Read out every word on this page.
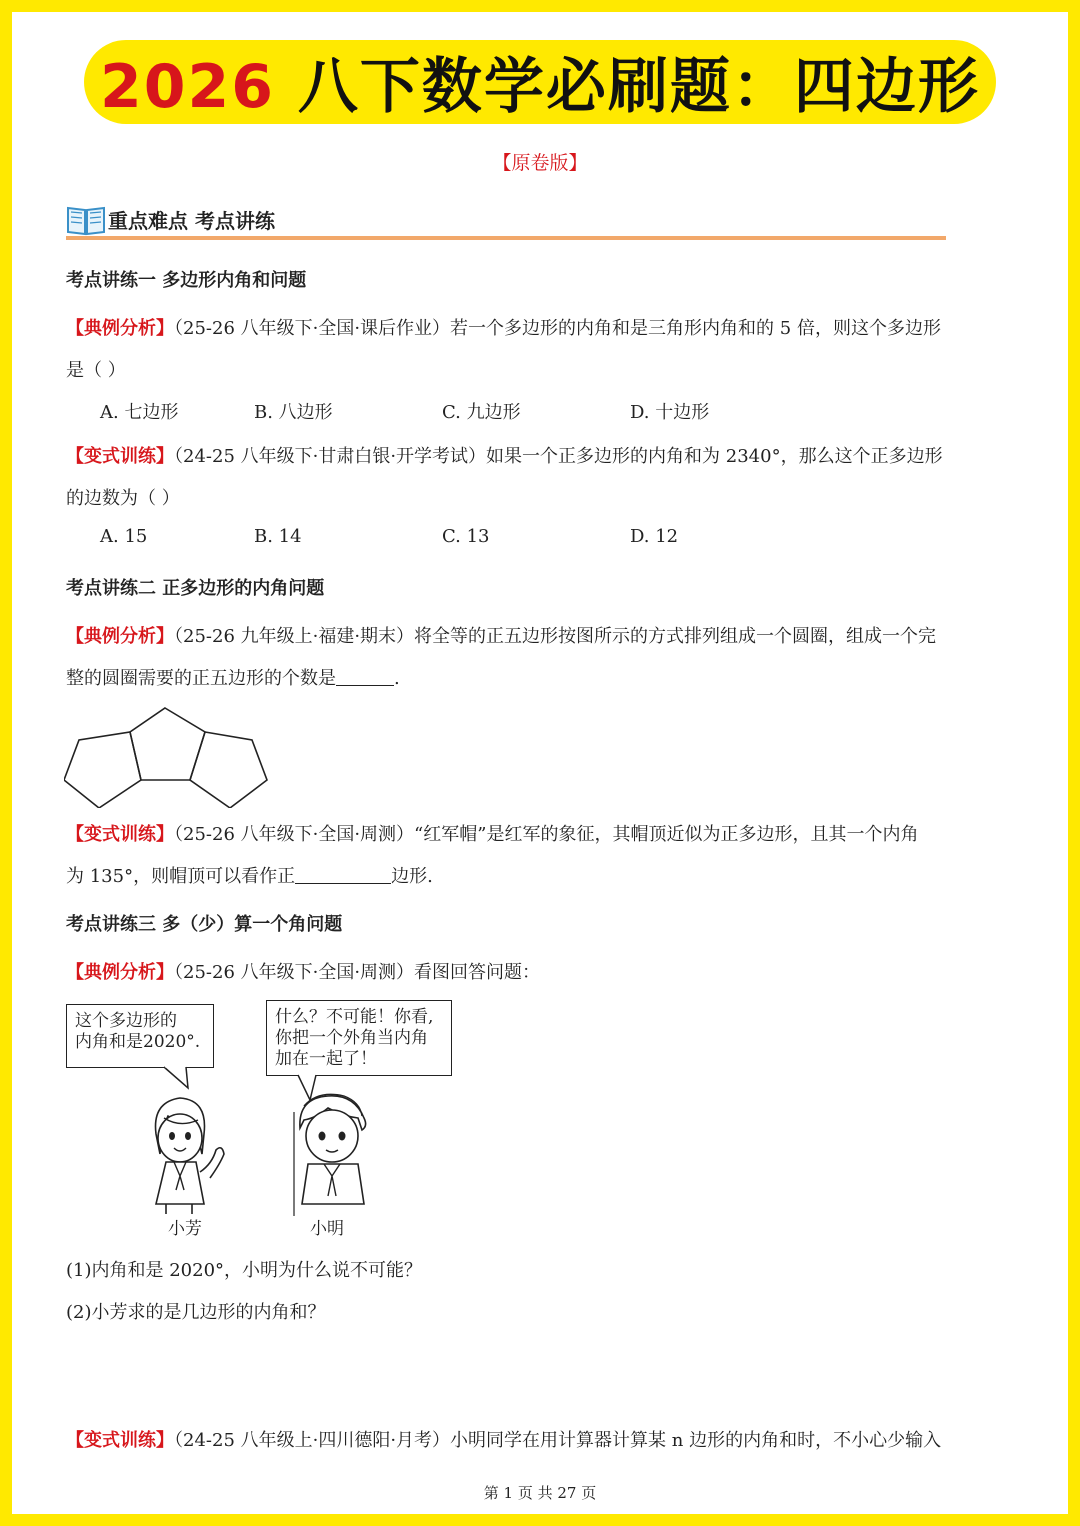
2026 八下数学必刷题：四边形
【原卷版】
重点难点 考点讲练
考点讲练一 多边形内角和问题
【典例分析】（25-26 八年级下·全国·课后作业）若一个多边形的内角和是三角形内角和的 5 倍，则这个多边形
是（ ）
A. 七边形	B. 八边形	C. 九边形	D. 十边形
【变式训练】（24-25 八年级下·甘肃白银·开学考试）如果一个正多边形的内角和为 2340°，那么这个正多边形
的边数为（ ）
A. 15	B. 14	C. 13	D. 12
考点讲练二 正多边形的内角问题
【典例分析】（25-26 九年级上·福建·期末）将全等的正五边形按图所示的方式排列组成一个圆圈，组成一个完
整的圆圈需要的正五边形的个数是	.
【变式训练】（25-26 八年级下·全国·周测）“红军帽”是红军的象征，其帽顶近似为正多边形，且其一个内角
为 135°，则帽顶可以看作正	边形.
考点讲练三 多（少）算一个角问题
【典例分析】（25-26 八年级下·全国·周测）看图回答问题：
这个多边形的
内角和是2020°.
什么？不可能！你看,
你把一个外角当内角
加在一起了！
小芳	小明
(1)内角和是 2020°，小明为什么说不可能？
(2)小芳求的是几边形的内角和？
【变式训练】（24-25 八年级上·四川德阳·月考）小明同学在用计算器计算某 n 边形的内角和时，不小心少输入
第 1 页 共 27 页
